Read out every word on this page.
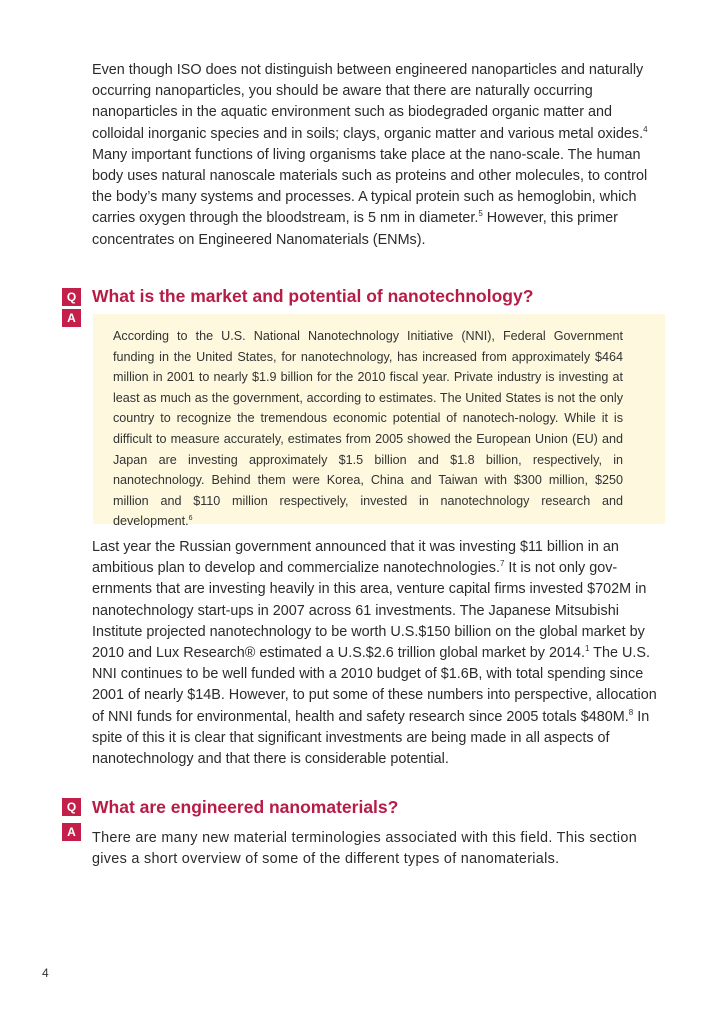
Even though ISO does not distinguish between engineered nanoparticles and naturally occurring nanoparticles, you should be aware that there are naturally occurring nanoparticles in the aquatic environment such as biodegraded organic matter and colloidal inorganic species and in soils; clays, organic matter and various metal oxides.$^4$ Many important functions of living organisms take place at the nano-scale. The human body uses natural nanoscale materials such as proteins and other molecules, to control the body’s many systems and processes. A typical protein such as hemoglobin, which carries oxygen through the bloodstream, is 5 nm in diameter.$^5$ However, this primer concentrates on Engineered Nanomaterials (ENMs).

Q
A
What is the market and potential of nanotechnology?

According to the U.S. National Nanotechnology Initiative (NNI), Federal Government funding in the United States, for nanotechnology, has increased from approximately $464 million in 2001 to nearly $1.9 billion for the 2010 fiscal year. Private industry is investing at least as much as the government, according to estimates. The United States is not the only country to recognize the tremendous economic potential of nanotech-nology. While it is difficult to measure accurately, estimates from 2005 showed the European Union (EU) and Japan are investing approximately $1.5 billion and $1.8 billion, respectively, in nanotechnology. Behind them were Korea, China and Taiwan with $300 million, $250 million and $110 million respectively, invested in nanotechnology research and development.$^6$

Last year the Russian government announced that it was investing $11 billion in an ambitious plan to develop and commercialize nanotechnologies.$^7$ It is not only gov-ernments that are investing heavily in this area, venture capital firms invested $702M in nanotechnology start-ups in 2007 across 61 investments. The Japanese Mitsubishi Institute projected nanotechnology to be worth U.S.$150 billion on the global market by 2010 and Lux Research® estimated a U.S.$2.6 trillion global market by 2014.$^1$ The U.S. NNI continues to be well funded with a 2010 budget of $1.6B, with total spending since 2001 of nearly $14B. However, to put some of these numbers into perspective, allocation of NNI funds for environmental, health and safety research since 2005 totals $480M.$^8$ In spite of this it is clear that significant investments are being made in all aspects of nanotechnology and that there is considerable potential.

Q
A
What are engineered nanomaterials?

There are many new material terminologies associated with this field. This section gives a short overview of some of the different types of nanomaterials.

4
